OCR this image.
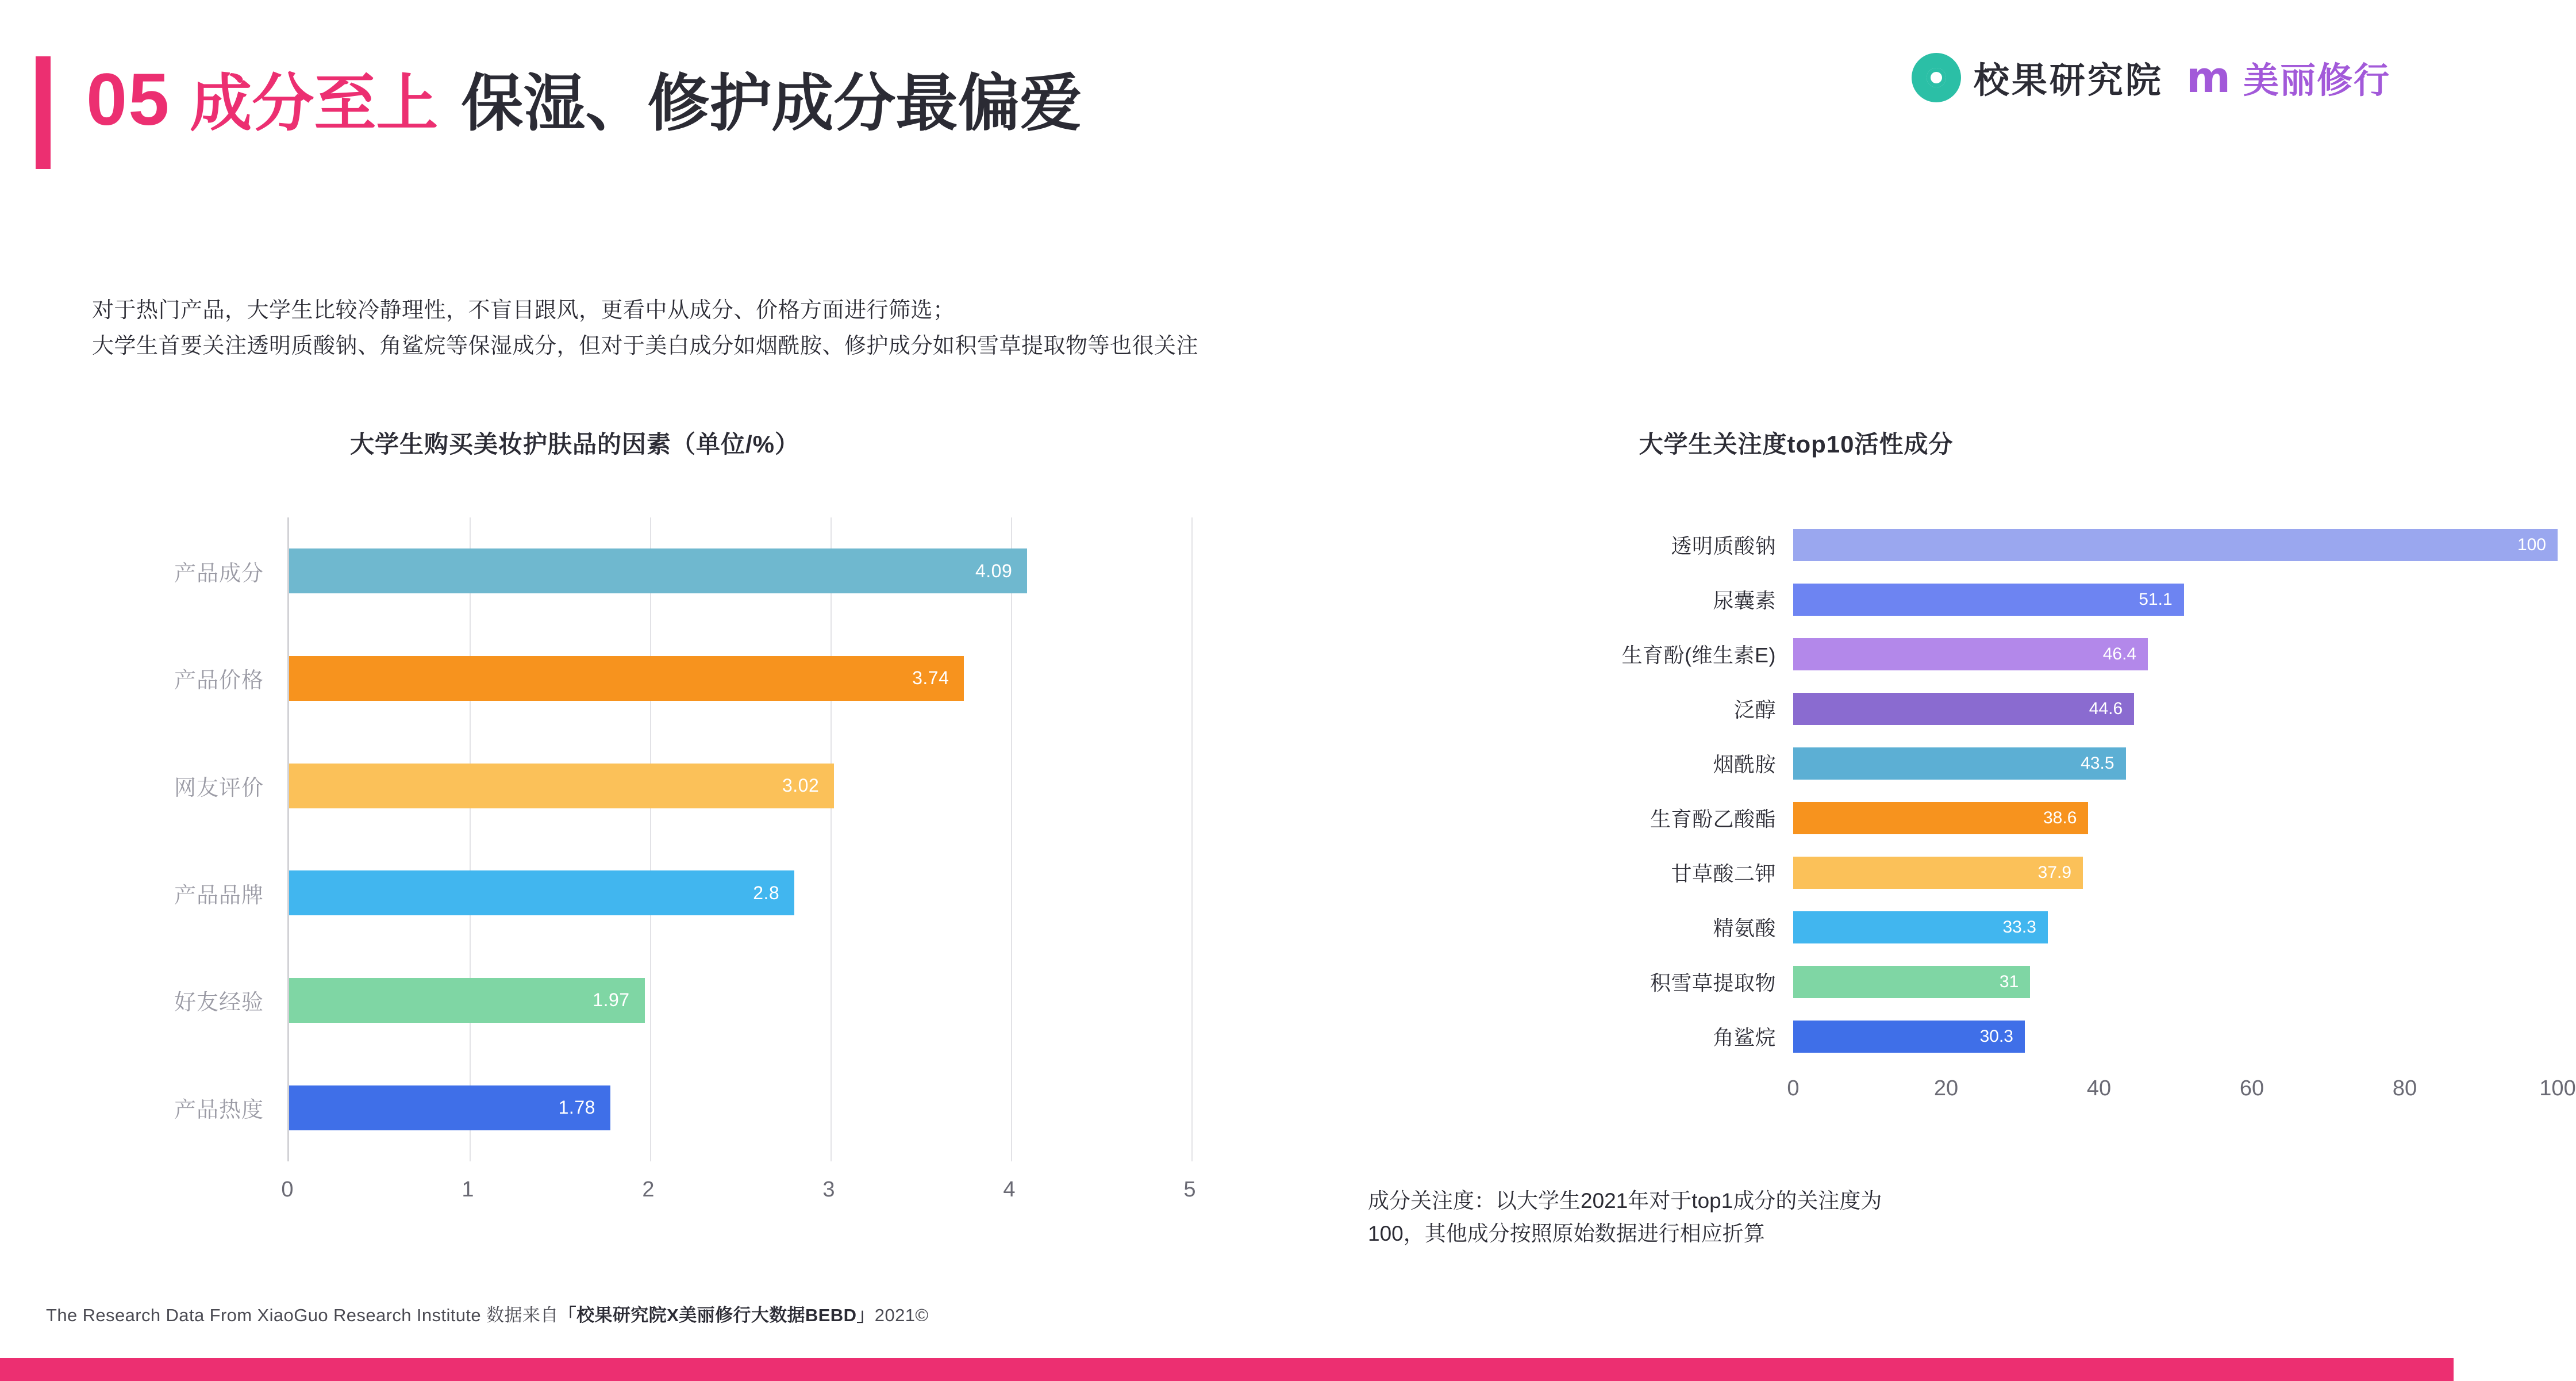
05 成分至上 保湿、修护成分最偏爱	校果研究院 m 美丽修行
对于热门产品，大学生比较冷静理性，不盲目跟风，更看中从成分、价格方面进行筛选；
大学生首要关注透明质酸钠、角鲨烷等保湿成分，但对于美白成分如烟酰胺、修护成分如积雪草提取物等也很关注
大学生购买美妆护肤品的因素（单位/%）
产品成分	4.09
产品价格	3.74
网友评价	3.02
产品品牌	2.8
好友经验	1.97
产品热度	1.78
0	1	2	3	4	5
大学生关注度top10活性成分
透明质酸钠	100
尿囊素	51.1
生育酚(维生素E)	46.4
泛醇	44.6
烟酰胺	43.5
生育酚乙酸酯	38.6
甘草酸二钾	37.9
精氨酸	33.3
积雪草提取物	31
角鲨烷	30.3
0	20	40	60	80	100
成分关注度：以大学生2021年对于top1成分的关注度为
100，其他成分按照原始数据进行相应折算
The Research Data From XiaoGuo Research Institute 数据来自「校果研究院X美丽修行大数据BEBD」2021©
